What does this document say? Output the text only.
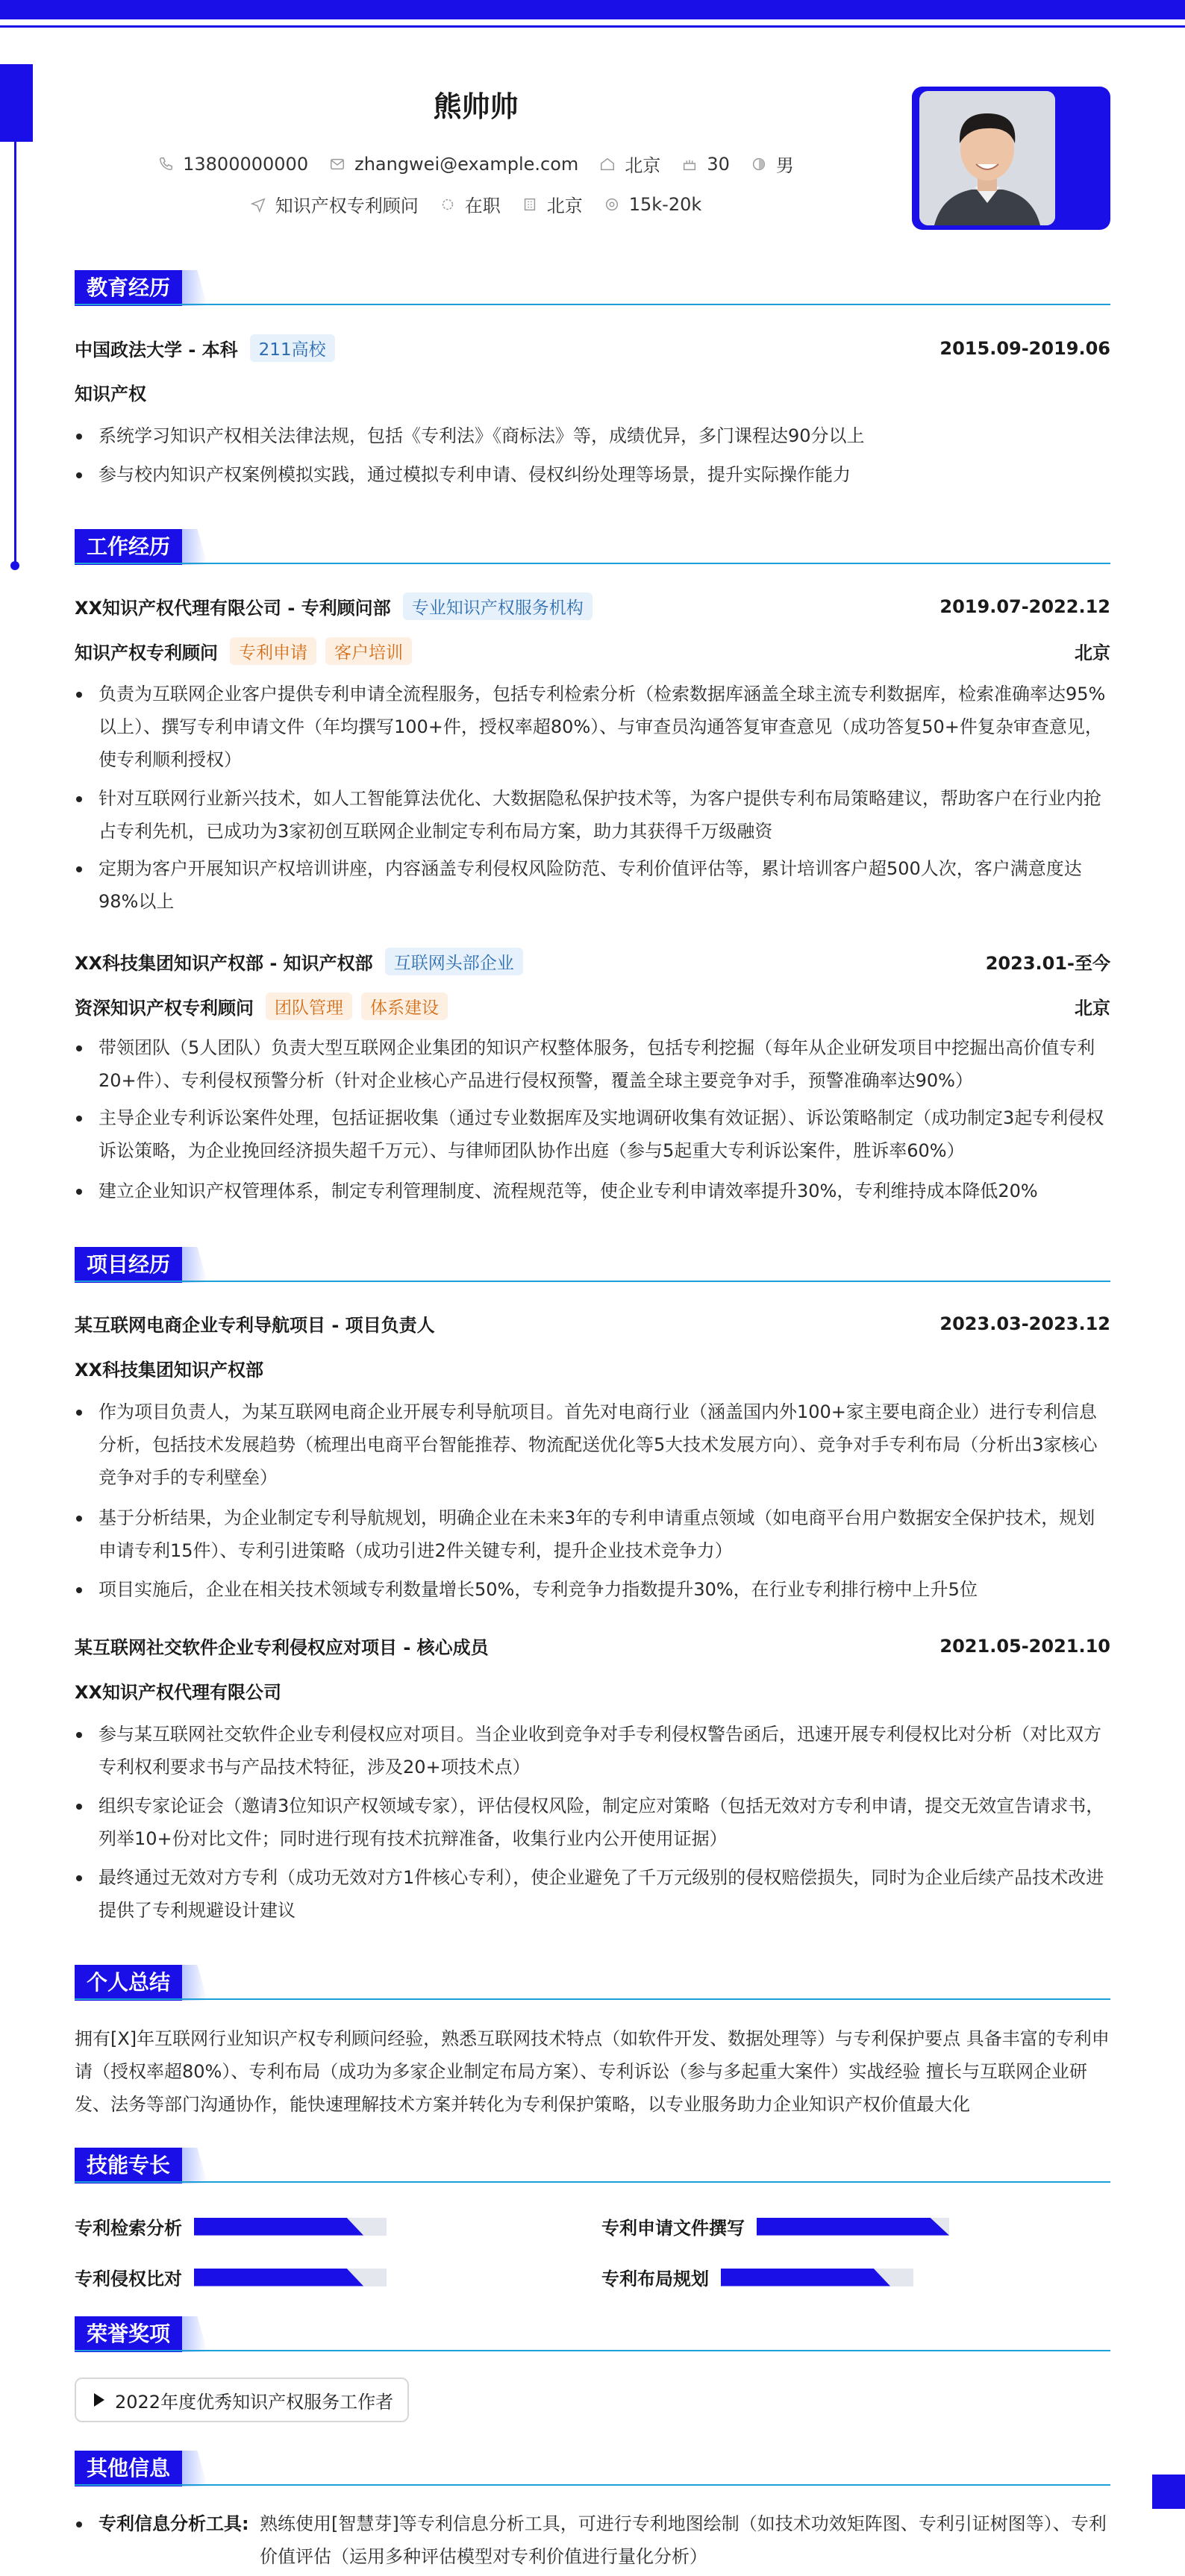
熊帅帅
13800000000	zhangwei@example.com	北京	30	男
知识产权专利顾问	在职	北京	15k-20k
教育经历
中国政法大学 - 本科	211高校	2015.09-2019.06
知识产权
系统学习知识产权相关法律法规，包括《专利法》《商标法》等，成绩优异，多门课程达90分以上
参与校内知识产权案例模拟实践，通过模拟专利申请、侵权纠纷处理等场景，提升实际操作能力
工作经历
XX知识产权代理有限公司 - 专利顾问部	专业知识产权服务机构	2019.07-2022.12
知识产权专利顾问	专利申请	客户培训	北京
负责为互联网企业客户提供专利申请全流程服务，包括专利检索分析（检索数据库涵盖全球主流专利数据库，检索准确率达95%以上）、撰写专利申请文件（年均撰写100+件，授权率超80%）、与审查员沟通答复审查意见（成功答复50+件复杂审查意见，使专利顺利授权）
针对互联网行业新兴技术，如人工智能算法优化、大数据隐私保护技术等，为客户提供专利布局策略建议，帮助客户在行业内抢占专利先机，已成功为3家初创互联网企业制定专利布局方案，助力其获得千万级融资
定期为客户开展知识产权培训讲座，内容涵盖专利侵权风险防范、专利价值评估等，累计培训客户超500人次，客户满意度达98%以上
XX科技集团知识产权部 - 知识产权部	互联网头部企业	2023.01-至今
资深知识产权专利顾问	团队管理	体系建设	北京
带领团队（5人团队）负责大型互联网企业集团的知识产权整体服务，包括专利挖掘（每年从企业研发项目中挖掘出高价值专利20+件）、专利侵权预警分析（针对企业核心产品进行侵权预警，覆盖全球主要竞争对手，预警准确率达90%）
主导企业专利诉讼案件处理，包括证据收集（通过专业数据库及实地调研收集有效证据）、诉讼策略制定（成功制定3起专利侵权诉讼策略，为企业挽回经济损失超千万元）、与律师团队协作出庭（参与5起重大专利诉讼案件，胜诉率60%）
建立企业知识产权管理体系，制定专利管理制度、流程规范等，使企业专利申请效率提升30%，专利维持成本降低20%
项目经历
某互联网电商企业专利导航项目 - 项目负责人	2023.03-2023.12
XX科技集团知识产权部
作为项目负责人，为某互联网电商企业开展专利导航项目。首先对电商行业（涵盖国内外100+家主要电商企业）进行专利信息分析，包括技术发展趋势（梳理出电商平台智能推荐、物流配送优化等5大技术发展方向）、竞争对手专利布局（分析出3家核心竞争对手的专利壁垒）
基于分析结果，为企业制定专利导航规划，明确企业在未来3年的专利申请重点领域（如电商平台用户数据安全保护技术，规划申请专利15件）、专利引进策略（成功引进2件关键专利，提升企业技术竞争力）
项目实施后，企业在相关技术领域专利数量增长50%，专利竞争力指数提升30%，在行业专利排行榜中上升5位
某互联网社交软件企业专利侵权应对项目 - 核心成员	2021.05-2021.10
XX知识产权代理有限公司
参与某互联网社交软件企业专利侵权应对项目。当企业收到竞争对手专利侵权警告函后，迅速开展专利侵权比对分析（对比双方专利权利要求书与产品技术特征，涉及20+项技术点）
组织专家论证会（邀请3位知识产权领域专家），评估侵权风险，制定应对策略（包括无效对方专利申请，提交无效宣告请求书，列举10+份对比文件；同时进行现有技术抗辩准备，收集行业内公开使用证据）
最终通过无效对方专利（成功无效对方1件核心专利），使企业避免了千万元级别的侵权赔偿损失，同时为企业后续产品技术改进提供了专利规避设计建议
个人总结
拥有[X]年互联网行业知识产权专利顾问经验，熟悉互联网技术特点（如软件开发、数据处理等）与专利保护要点 具备丰富的专利申请（授权率超80%）、专利布局（成功为多家企业制定布局方案）、专利诉讼（参与多起重大案件）实战经验 擅长与互联网企业研发、法务等部门沟通协作，能快速理解技术方案并转化为专利保护策略，以专业服务助力企业知识产权价值最大化
技能专长
专利检索分析	专利申请文件撰写
专利侵权比对	专利布局规划
荣誉奖项
2022年度优秀知识产权服务工作者
其他信息
专利信息分析工具: 熟练使用[智慧芽]等专利信息分析工具，可进行专利地图绘制（如技术功效矩阵图、专利引证树图等）、专利价值评估（运用多种评估模型对专利价值进行量化分析）
